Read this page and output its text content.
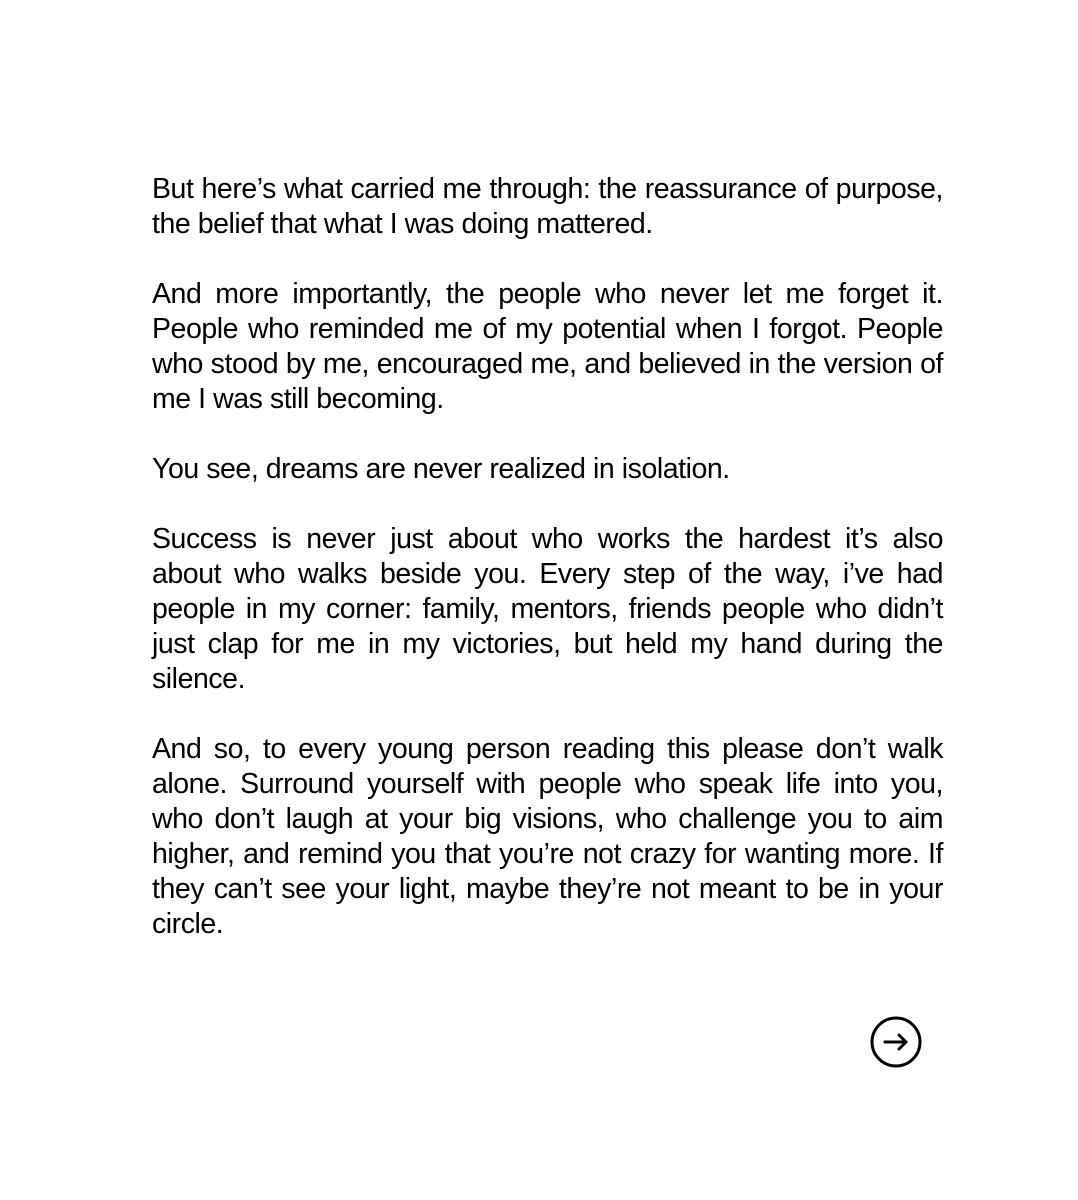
But here’s what carried me through: the reassurance of purpose, the belief that what I was doing mattered.

And more importantly, the people who never let me forget it. People who reminded me of my potential when I forgot. People who stood by me, encouraged me, and believed in the version of me I was still becoming.

You see, dreams are never realized in isolation.

Success is never just about who works the hardest it’s also about who walks beside you. Every step of the way, i’ve had people in my corner: family, mentors, friends people who didn’t just clap for me in my victories, but held my hand during the silence.

And so, to every young person reading this please don’t walk alone. Surround yourself with people who speak life into you, who don’t laugh at your big visions, who challenge you to aim higher, and remind you that you’re not crazy for wanting more. If they can’t see your light, maybe they’re not meant to be in your circle.
